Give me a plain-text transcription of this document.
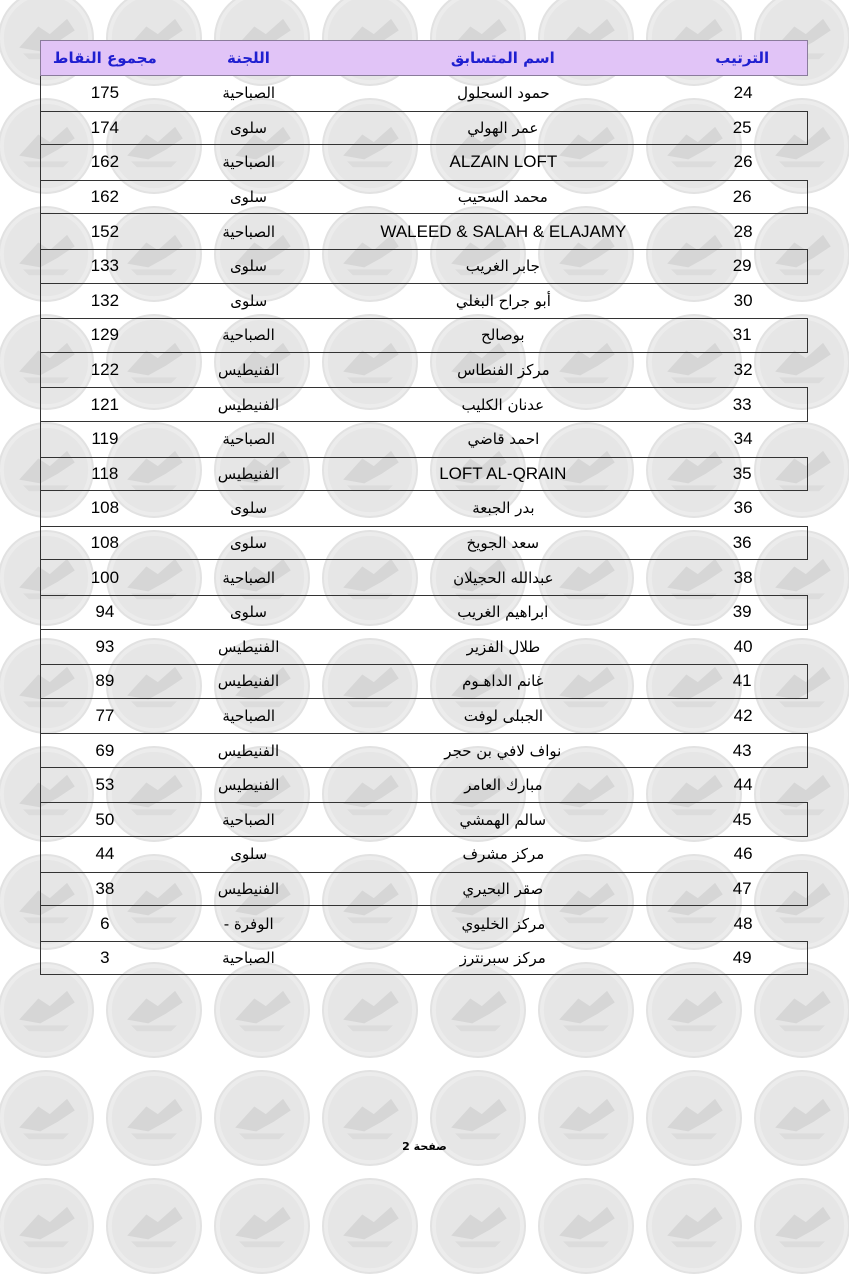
الترتيب
اسم المتسابق
اللجنة
مجموع النقاط
24
حمود السحلول
الصباحية
175
25
عمر الهولي
سلوى
174
26
ALZAIN LOFT
الصباحية
162
26
محمد السحيب
سلوى
162
28
WALEED & SALAH & ELAJAMY
الصباحية
152
29
جابر الغريب
سلوى
133
30
أبو جراح البغلي
سلوى
132
31
بوصالح
الصباحية
129
32
مركز الفنطاس
الفنيطيس
122
33
عدنان الكليب
الفنيطيس
121
34
احمد قاضي
الصباحية
119
35
LOFT AL-QRAIN
الفنيطيس
118
36
بدر الجبعة
سلوى
108
36
سعد الجويخ
سلوى
108
38
عبدالله الحجيلان
الصباحية
100
39
ابراهيم الغريب
سلوى
94
40
طلال الفزير
الفنيطيس
93
41
غانم الداهـوم
الفنيطيس
89
42
الجبلى لوفت
الصباحية
77
43
نواف لافي بن حجر
الفنيطيس
69
44
مبارك العامر
الفنيطيس
53
45
سالم الهمشي
الصباحية
50
46
مركز مشرف
سلوى
44
47
صقر البحيري
الفنيطيس
38
48
مركز الخليوي
- الوفرة
6
49
مركز سبرنترز
الصباحية
3
صفحة 2
